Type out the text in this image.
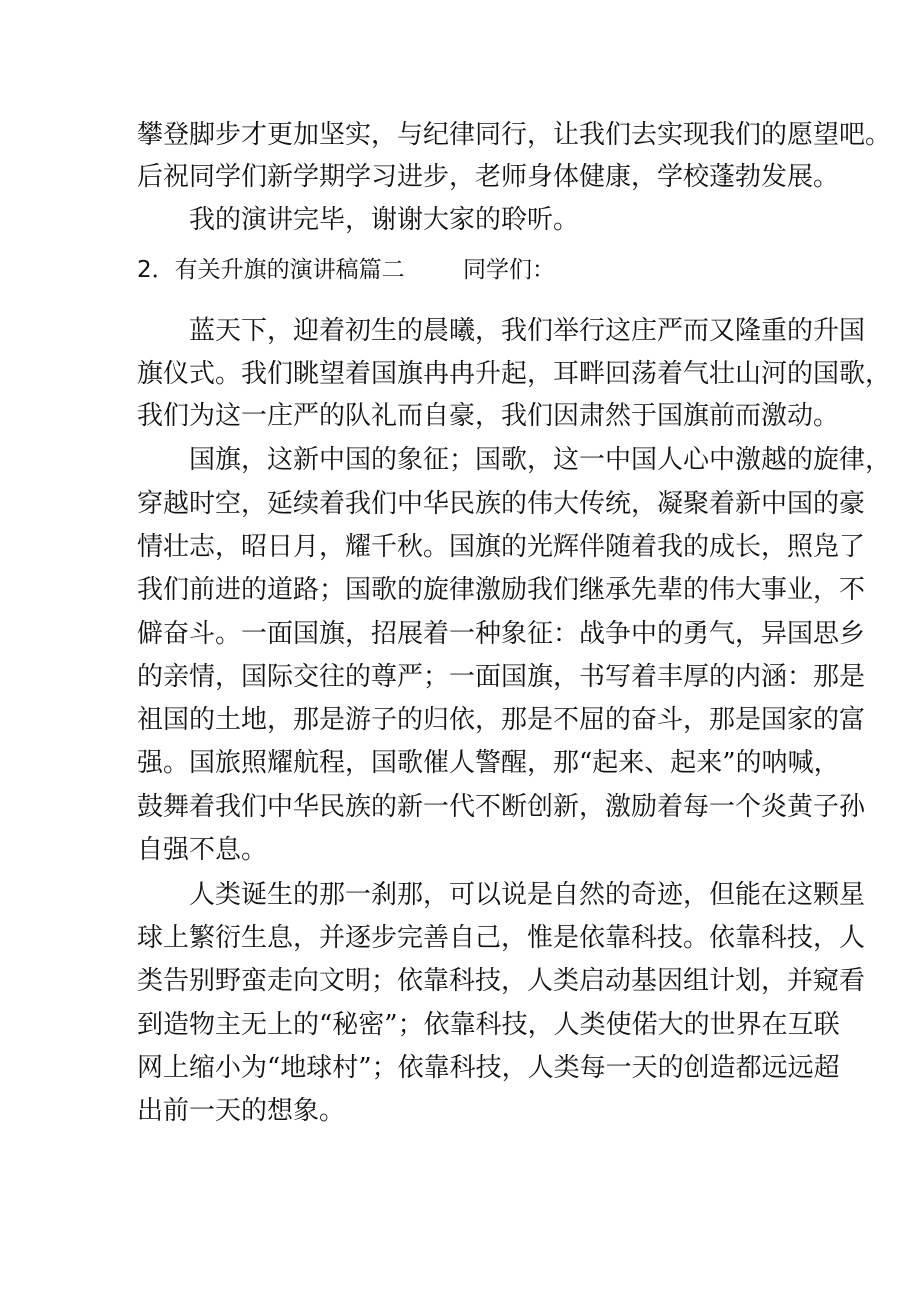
攀登脚步才更加坚实，与纪律同行，让我们去实现我们的愿望吧。
后祝同学们新学期学习进步，老师身体健康，学校蓬勃发展。
我的演讲完毕，谢谢大家的聆听。
2．有关升旗的演讲稿篇二	同学们：
蓝天下，迎着初生的晨曦，我们举行这庄严而又隆重的升国
旗仪式。我们眺望着国旗冉冉升起，耳畔回荡着气壮山河的国歌，
我们为这一庄严的队礼而自豪，我们因肃然于国旗前而激动。
国旗，这新中国的象征；国歌，这一中国人心中激越的旋律，
穿越时空，延续着我们中华民族的伟大传统，凝聚着新中国的豪
情壮志，昭日月，耀千秋。国旗的光辉伴随着我的成长，照凫了
我们前进的道路；国歌的旋律激励我们继承先辈的伟大事业，不
僻奋斗。一面国旗，招展着一种象征：战争中的勇气，异国思乡
的亲情，国际交往的尊严；一面国旗，书写着丰厚的内涵：那是
祖国的土地，那是游子的归依，那是不屈的奋斗，那是国家的富
强。国旅照耀航程，国歌催人警醒，那“起来、起来”的呐喊，
鼓舞着我们中华民族的新一代不断创新，激励着每一个炎黄子孙
自强不息。
人类诞生的那一刹那，可以说是自然的奇迹，但能在这颗星
球上繁衍生息，并逐步完善自己，惟是依靠科技。依靠科技，人
类告别野蛮走向文明；依靠科技，人类启动基因组计划，并窥看
到造物主无上的“秘密”；依靠科技，人类使偌大的世界在互联
网上缩小为“地球村”；依靠科技，人类每一天的创造都远远超
出前一天的想象。
